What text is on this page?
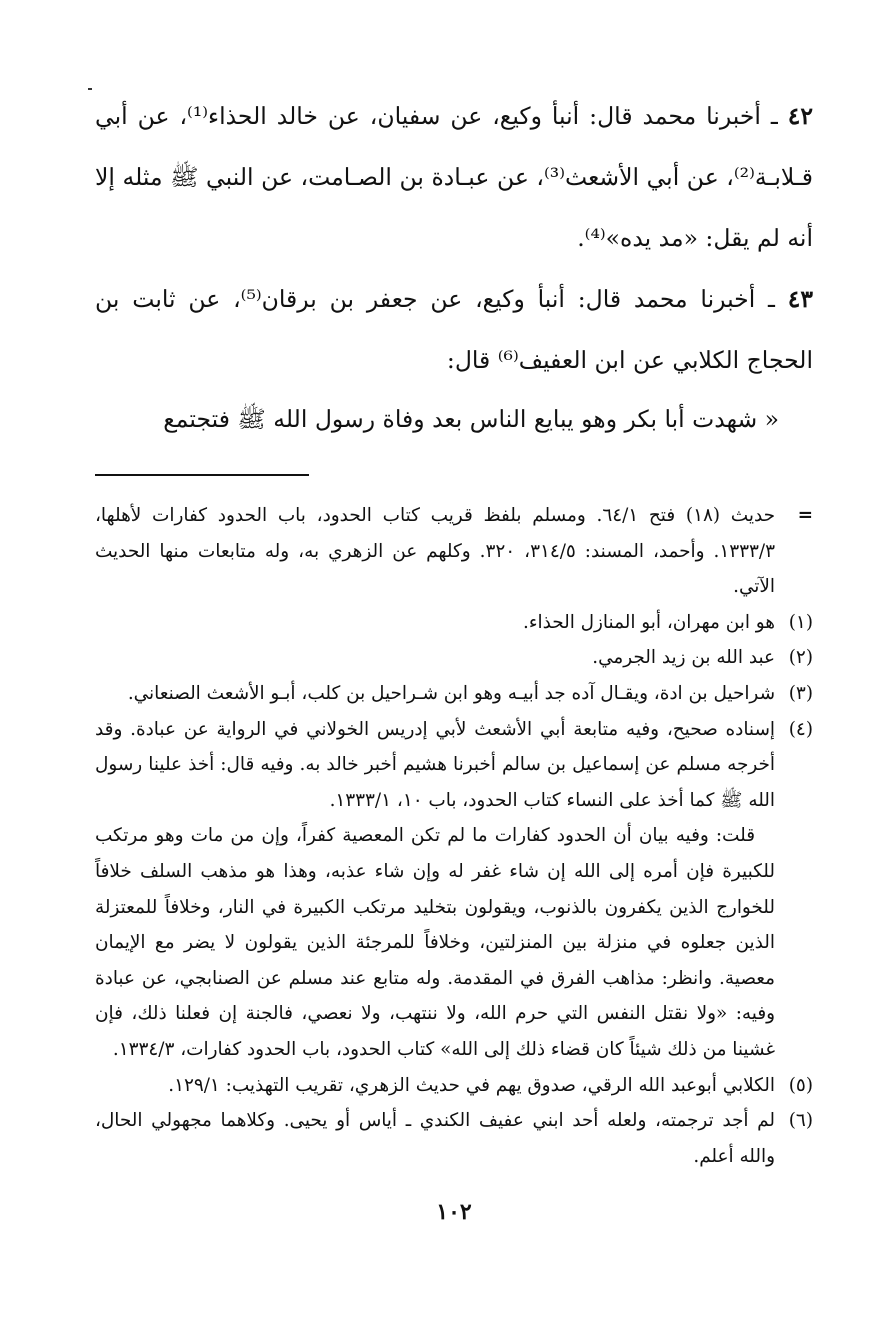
٤٢ ـ أخبرنا محمد قال: أنبأ وكيع، عن سفيان، عن خالد الحذاء⁽¹⁾، عن أبي قـلابـة⁽²⁾، عن أبي الأشعث⁽³⁾، عن عبـادة بن الصـامت، عن النبي ﷺ مثله إلا أنه لم يقل: «مد يده»⁽⁴⁾.

٤٣ ـ أخبرنا محمد قال: أنبأ وكيع، عن جعفر بن برقان⁽⁵⁾، عن ثابت بن الحجاج الكلابي عن ابن العفيف⁽⁶⁾ قال:

« شهدت أبا بكر وهو يبايع الناس بعد وفاة رسول الله ﷺ فتجتمع

=

حديث (١٨) فتح ٦٤/١. ومسلم بلفظ قريب كتاب الحدود، باب الحدود كفارات لأهلها، ١٣٣٣/٣. وأحمد، المسند: ٣١٤/٥، ٣٢٠. وكلهم عن الزهري به، وله متابعات منها الحديث الآتي.

(١)

هو ابن مهران، أبو المنازل الحذاء.

(٢)

عبد الله بن زيد الجرمي.

(٣)

شراحيل بن ادة، ويقـال آده جد أبيـه وهو ابن شـراحيل بن كلب، أبـو الأشعث الصنعاني.

(٤)

إسناده صحيح، وفيه متابعة أبي الأشعث لأبي إدريس الخولاني في الرواية عن عبادة. وقد أخرجه مسلم عن إسماعيل بن سالم أخبرنا هشيم أخبر خالد به. وفيه قال: أخذ علينا رسول الله ﷺ كما أخذ على النساء كتاب الحدود، باب ١٠، ١٣٣٣/١.

قلت: وفيه بيان أن الحدود كفارات ما لم تكن المعصية كفراً، وإن من مات وهو مرتكب للكبيرة فإن أمره إلى الله إن شاء غفر له وإن شاء عذبه، وهذا هو مذهب السلف خلافاً للخوارج الذين يكفرون بالذنوب، ويقولون بتخليد مرتكب الكبيرة في النار، وخلافاً للمعتزلة الذين جعلوه في منزلة بين المنزلتين، وخلافاً للمرجئة الذين يقولون لا يضر مع الإيمان معصية. وانظر: مذاهب الفرق في المقدمة. وله متابع عند مسلم عن الصنابجي، عن عبادة وفيه: «ولا نقتل النفس التي حرم الله، ولا ننتهب، ولا نعصي، فالجنة إن فعلنا ذلك، فإن غشينا من ذلك شيئاً كان قضاء ذلك إلى الله» كتاب الحدود، باب الحدود كفارات، ١٣٣٤/٣.

(٥)

الكلابي أبوعبد الله الرقي، صدوق يهم في حديث الزهري، تقريب التهذيب: ١٢٩/١.

(٦)

لم أجد ترجمته، ولعله أحد ابني عفيف الكندي ـ أياس أو يحيى. وكلاهما مجهولي الحال، والله أعلم.

١٠٢
